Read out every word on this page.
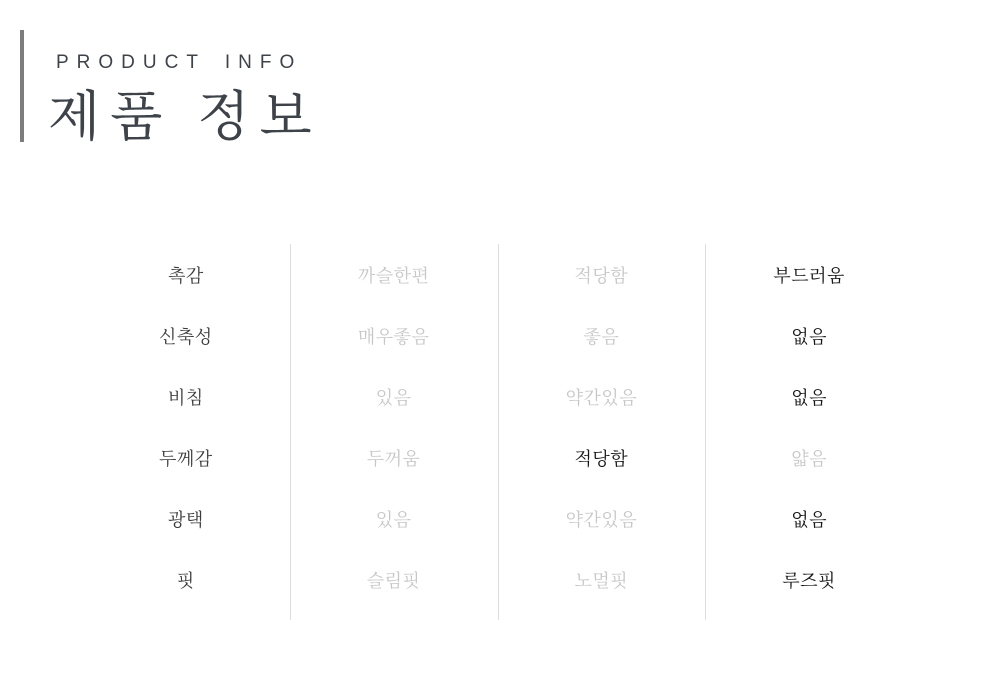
PRODUCT INFO
제품 정보
촉감	까슬한편	적당함	부드러움
신축성	매우좋음	좋음	없음
비침	있음	약간있음	없음
두께감	두꺼움	적당함	얇음
광택	있음	약간있음	없음
핏	슬림핏	노멀핏	루즈핏
